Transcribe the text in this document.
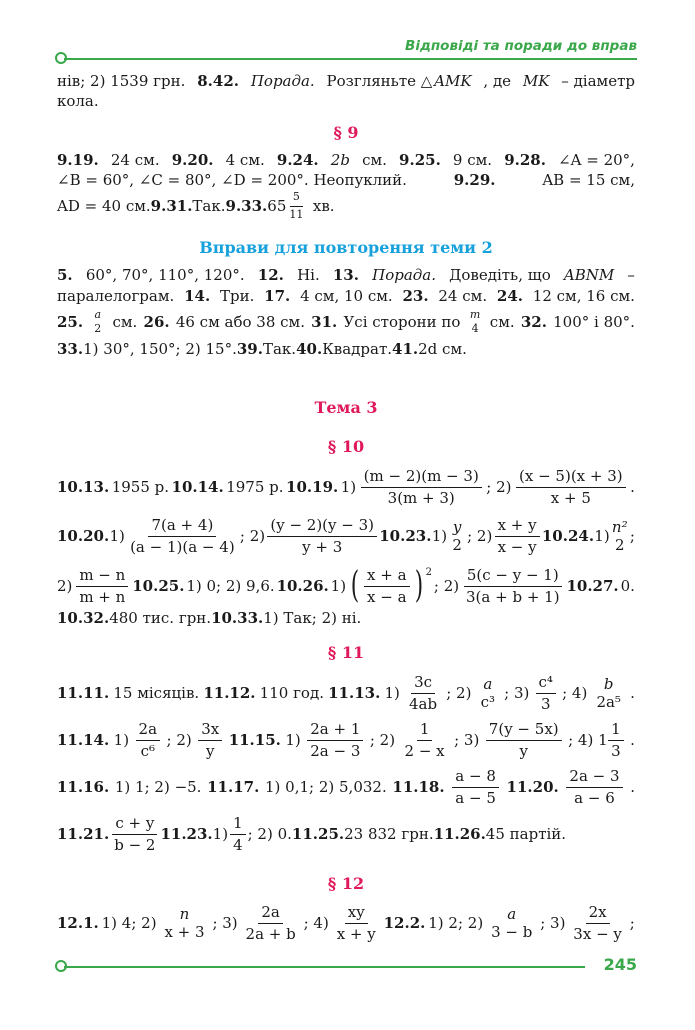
Відповіді та поради до вправ
нів; 2) 1539 грн. 8.42. Порада. Розгляньте △ AMK , де MK – діаметр
кола.
§ 9
9.19. 24 см. 9.20. 4 см. 9.24. 2b см. 9.25. 9 см. 9.28. ∠A = 20°,
∠B = 60°, ∠C = 80°, ∠D = 200°. Неопуклий.	9.29.	AB = 15 см,
AD = 40 см. 9.31. Так. 9.33. 65
5
11 хв.
Вправи для повторення теми 2
5. 60°, 70°, 110°, 120°. 12. Ні. 13. Порада. Доведіть, що ABNM –
паралелограм. 14. Три. 17. 4 см, 10 см. 23. 24 см. 24. 12 см, 16 см.
25. a
2 см. 26. 46 см або 38 см. 31. Усі сторони по m
4 см. 32. 100° і 80°.
33. 1) 30°, 150°; 2) 15°. 39. Так. 40. Квадрат. 41. 2d см.
Тема 3
§ 10
10.13. 1955 р. 10.14. 1975 р. 10.19. 1)
(m − 2)(m − 3)
3(m + 3)
; 2)
(x − 5)(x + 3)
x + 5
.
10.20. 1)
7(a + 4)
(a − 1)(a − 4)
; 2)
(y − 2)(y − 3)
y + 3
10.23. 1)
y
2 ; 2)
x + y
x − y
10.24. 1)
n²
2 ;
2)
m − n
m + n
10.25. 1) 0; 2) 9,6. 10.26. 1) ( x + a
x − a ) $^2$
; 2)
5(c − y − 1)
3(a + b + 1)
10.27. 0.
10.32. 480 тис. грн. 10.33. 1) Так; 2) ні.
§ 11
11.11. 15 місяців. 11.12. 110 год. 11.13. 1)
3c
4ab
; 2)
a
c³ ; 3)
c⁴
3
; 4)
b
2a⁵ .
11.14. 1)
2a
c⁶
; 2)
3x
y
11.15. 1)
2a + 1
2a − 3
; 2)
1
2 − x
; 3)
7(y − 5x)
y
; 4) 1
1
3
.
11.16. 1) 1; 2) −5. 11.17. 1) 0,1; 2) 5,032. 11.18.
a − 8
a − 5
11.20.
2a − 3
a − 6
.
11.21.
c + y
b − 2
11.23. 1)
1
4
; 2) 0. 11.25. 23 832 грн. 11.26. 45 партій.
§ 12
12.1. 1) 4; 2)
n
x + 3 ; 3)
2a
2a + b
; 4)
xy
x + y
12.2. 1) 2; 2)
a
3 − b ; 3)
2x
3x − y
;
245
